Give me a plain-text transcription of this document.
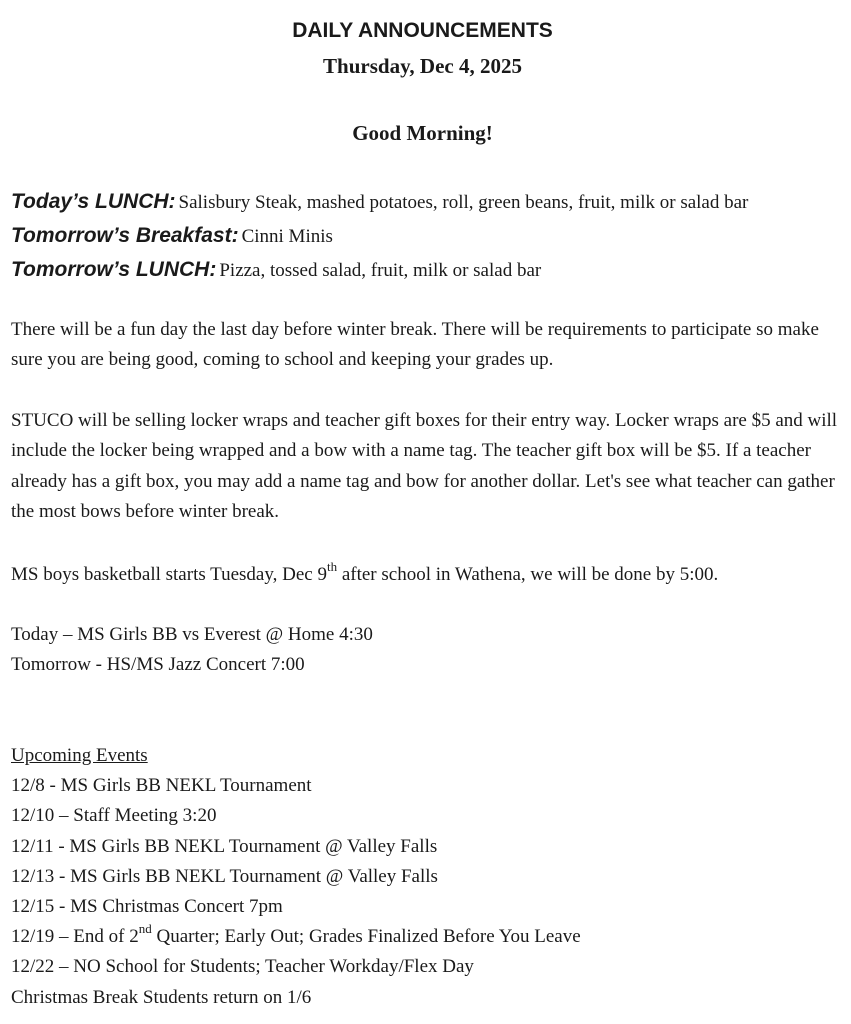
DAILY ANNOUNCEMENTS
Thursday, Dec 4, 2025
Good Morning!
Today’s LUNCH: Salisbury Steak, mashed potatoes, roll, green beans, fruit, milk or salad bar
Tomorrow’s Breakfast: Cinni Minis
Tomorrow’s LUNCH: Pizza, tossed salad, fruit, milk or salad bar
There will be a fun day the last day before winter break. There will be requirements to participate so make sure you are being good, coming to school and keeping your grades up.
STUCO will be selling locker wraps and teacher gift boxes for their entry way. Locker wraps are $5 and will include the locker being wrapped and a bow with a name tag. The teacher gift box will be $5. If a teacher already has a gift box, you may add a name tag and bow for another dollar. Let's see what teacher can gather the most bows before winter break.
MS boys basketball starts Tuesday, Dec 9th after school in Wathena, we will be done by 5:00.
Today – MS Girls BB vs Everest @ Home 4:30
Tomorrow - HS/MS Jazz Concert 7:00
Upcoming Events
12/8 - MS Girls BB NEKL Tournament
12/10 – Staff Meeting 3:20
12/11 - MS Girls BB NEKL Tournament @ Valley Falls
12/13 - MS Girls BB NEKL Tournament @ Valley Falls
12/15 - MS Christmas Concert 7pm
12/19 – End of 2nd Quarter; Early Out; Grades Finalized Before You Leave
12/22 – NO School for Students; Teacher Workday/Flex Day
Christmas Break Students return on 1/6
